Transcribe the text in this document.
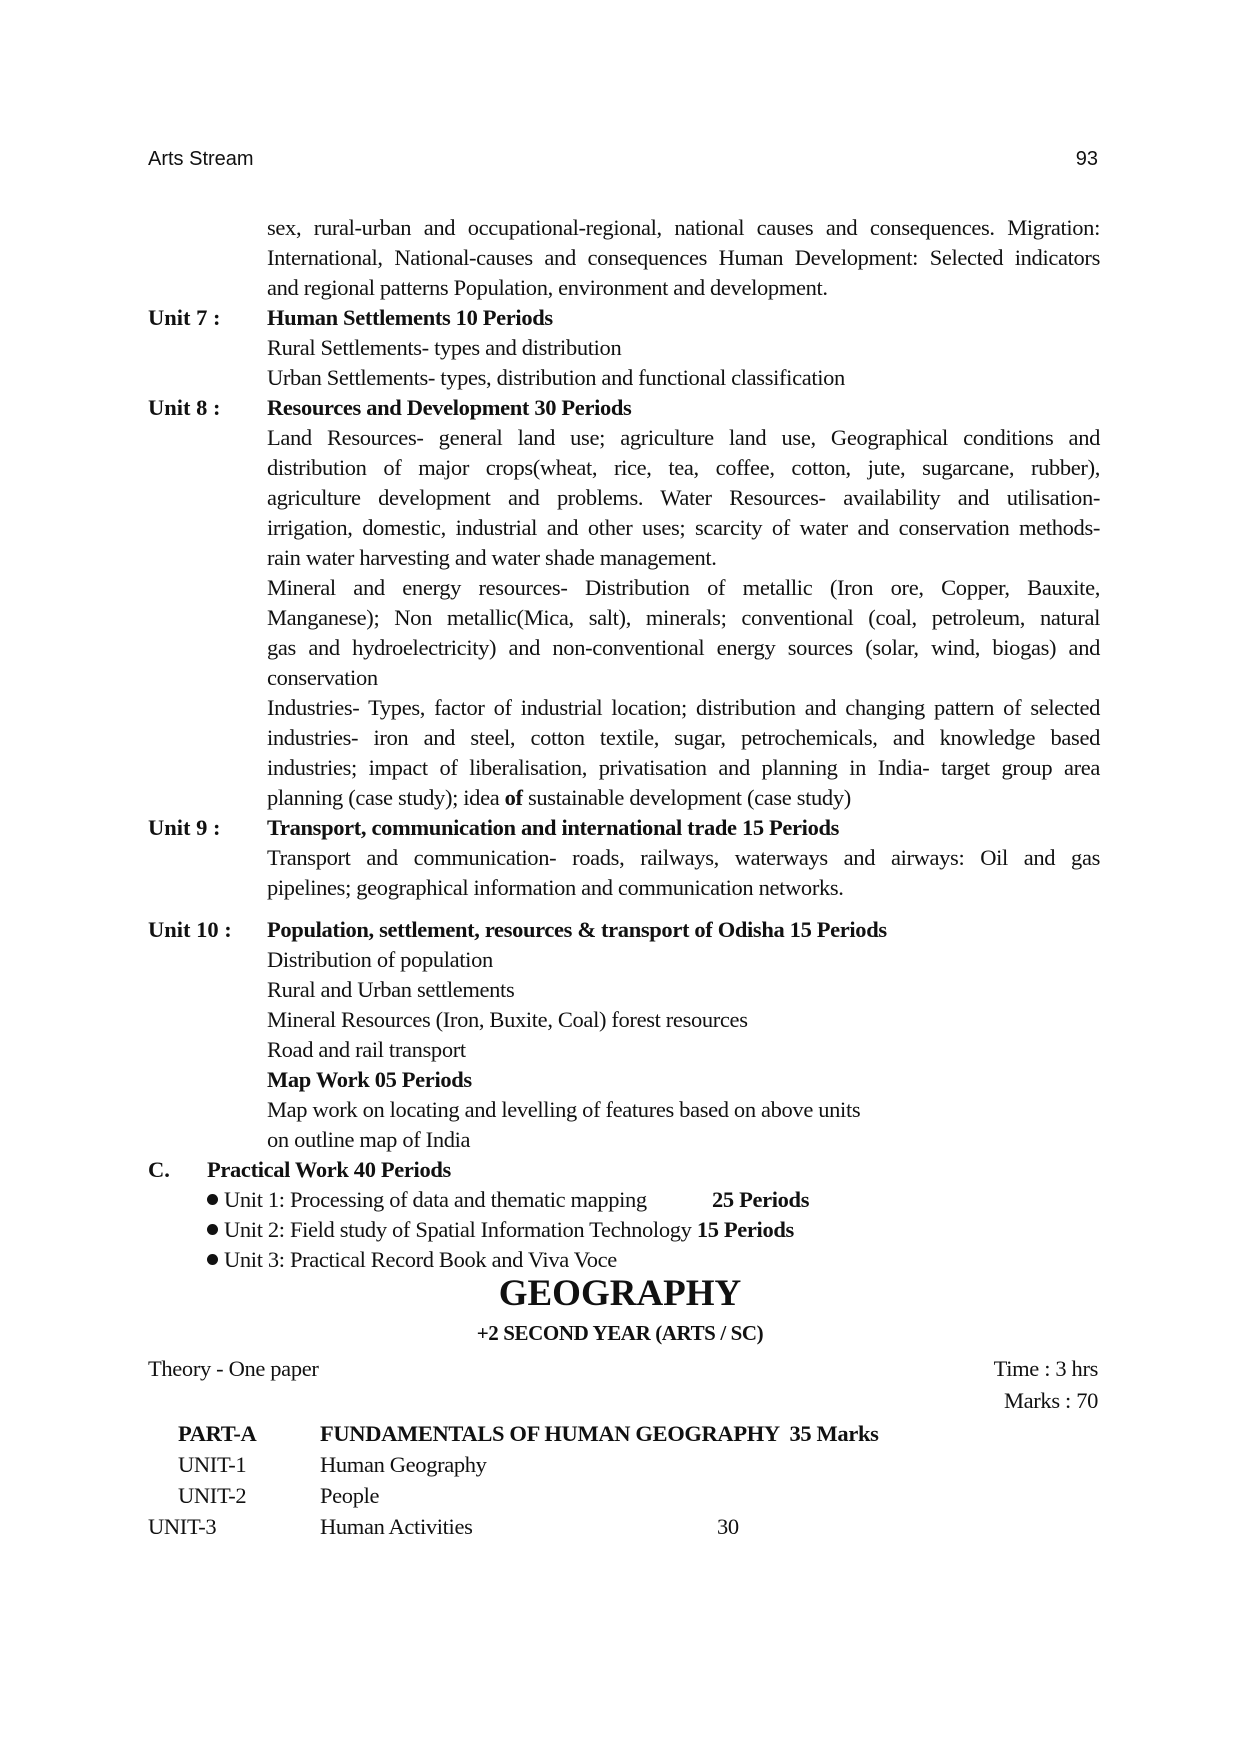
Arts Stream	93
sex, rural-urban and occupational-regional, national causes and consequences. Migration:
International, National-causes and consequences Human Development: Selected indicators
and regional patterns Population, environment and development.
Unit 7 : Human Settlements 10 Periods
Rural Settlements- types and distribution
Urban Settlements- types, distribution and functional classification
Unit 8 : Resources and Development 30 Periods
Land Resources- general land use; agriculture land use, Geographical conditions and
distribution of major crops(wheat, rice, tea, coffee, cotton, jute, sugarcane, rubber),
agriculture development and problems. Water Resources- availability and utilisation-
irrigation, domestic, industrial and other uses; scarcity of water and conservation methods-
rain water harvesting and water shade management.
Mineral and energy resources- Distribution of metallic (Iron ore, Copper, Bauxite,
Manganese); Non metallic(Mica, salt), minerals; conventional (coal, petroleum, natural
gas and hydroelectricity) and non-conventional energy sources (solar, wind, biogas) and
conservation
Industries- Types, factor of industrial location; distribution and changing pattern of selected
industries- iron and steel, cotton textile, sugar, petrochemicals, and knowledge based
industries; impact of liberalisation, privatisation and planning in India- target group area
planning (case study); idea of sustainable development (case study)
Unit 9 : Transport, communication and international trade 15 Periods
Transport and communication- roads, railways, waterways and airways: Oil and gas
pipelines; geographical information and communication networks.
Unit 10 : Population, settlement, resources & transport of Odisha 15 Periods
Distribution of population
Rural and Urban settlements
Mineral Resources (Iron, Buxite, Coal) forest resources
Road and rail transport
Map Work 05 Periods
Map work on locating and levelling of features based on above units
on outline map of India
C. Practical Work 40 Periods
Unit 1: Processing of data and thematic mapping	25 Periods
Unit 2: Field study of Spatial Information Technology 15 Periods
Unit 3: Practical Record Book and Viva Voce
GEOGRAPHY
+2 SECOND YEAR (ARTS / SC)
Theory - One paper	Time : 3 hrs
Marks : 70
PART-A	FUNDAMENTALS OF HUMAN GEOGRAPHY  35 Marks
UNIT-1	Human Geography
UNIT-2	People
UNIT-3	Human Activities	30
